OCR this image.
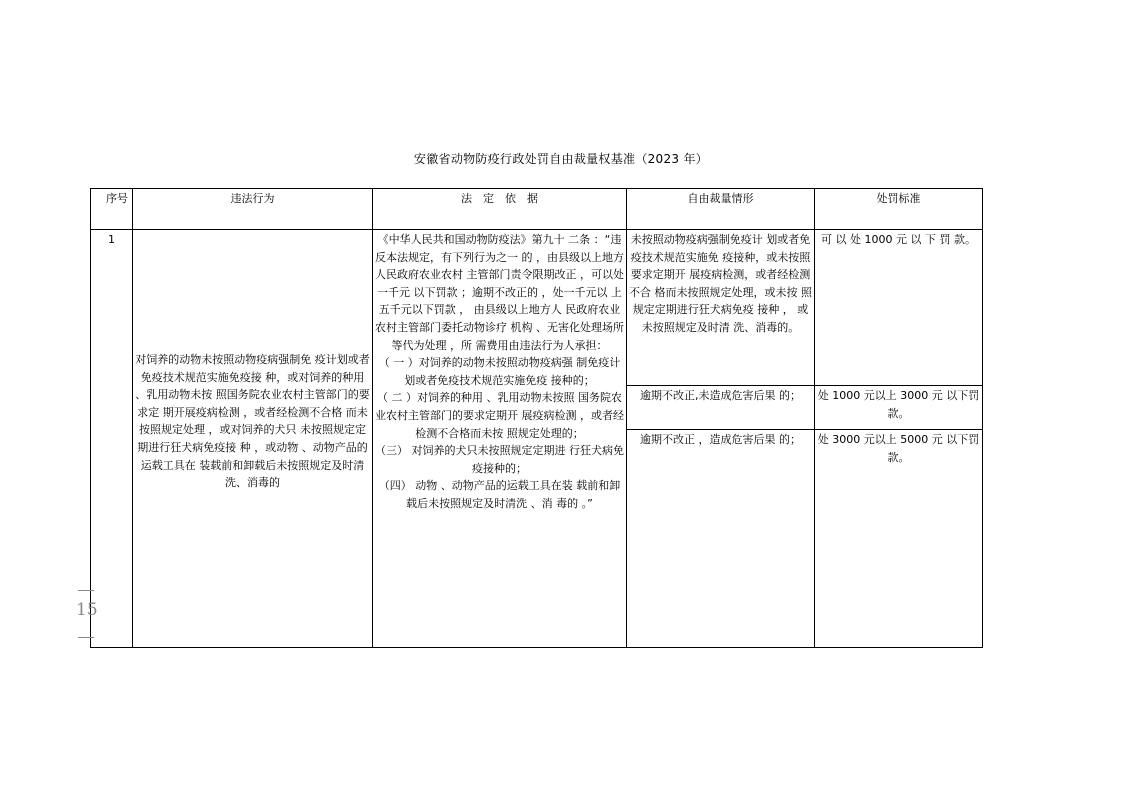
安徽省动物防疫行政处罚自由裁量权基准（2023 年）
序号	违法行为	法　定　依　据	自由裁量情形	处罚标准
1	对饲养的动物未按照动物疫病强制免 疫计划或者免疫技术规范实施免疫接 种，或对饲养的种用 、乳用动物未按 照国务院农业农村主管部门的要求定 期开展疫病检测 ，或者经检测不合格 而未按照规定处理 ，或对饲养的犬只 未按照规定定期进行狂犬病免疫接 种 ，或动物 、动物产品的运载工具在 装载前和卸载后未按照规定及时清 洗、消毒的	《中华人民共和国动物防疫法》第九十 二条 ：“违反本法规定，有下列行为之一 的 ，由县级以上地方人民政府农业农村 主管部门责令限期改正 ，可以处一千元 以下罚款 ；逾期不改正的 ，处一千元以 上五千元以下罚款 ， 由县级以上地方人 民政府农业农村主管部门委托动物诊疗 机构 、无害化处理场所等代为处理 ，所 需费用由违法行为人承担：

（ 一 ）对饲养的动物未按照动物疫病强 制免疫计划或者免疫技术规范实施免疫 接种的；

（ 二 ）对饲养的种用 、乳用动物未按照 国务院农业农村主管部门的要求定期开 展疫病检测 ，或者经检测不合格而未按 照规定处理的；

（三） 对饲养的犬只未按照规定定期进 行狂犬病免疫接种的；

（四） 动物 、动物产品的运载工具在装 载前和卸载后未按照规定及时清洗 、消 毒的 。”	未按照动物疫病强制免疫计 划或者免疫技术规范实施免 疫接种，或未按照要求定期开 展疫病检测，或者经检测不合 格而未按照规定处理，或未按 照规定定期进行狂犬病免疫 接种 ， 或未按照规定及时清 洗、消毒的。	可 以 处 1000 元 以 下 罚 款。
			逾期不改正,未造成危害后果 的；	处 1000 元以上 3000 元 以下罚款。
			逾期不改正 ，造成危害后果 的；	处 3000 元以上 5000 元 以下罚款。
15
